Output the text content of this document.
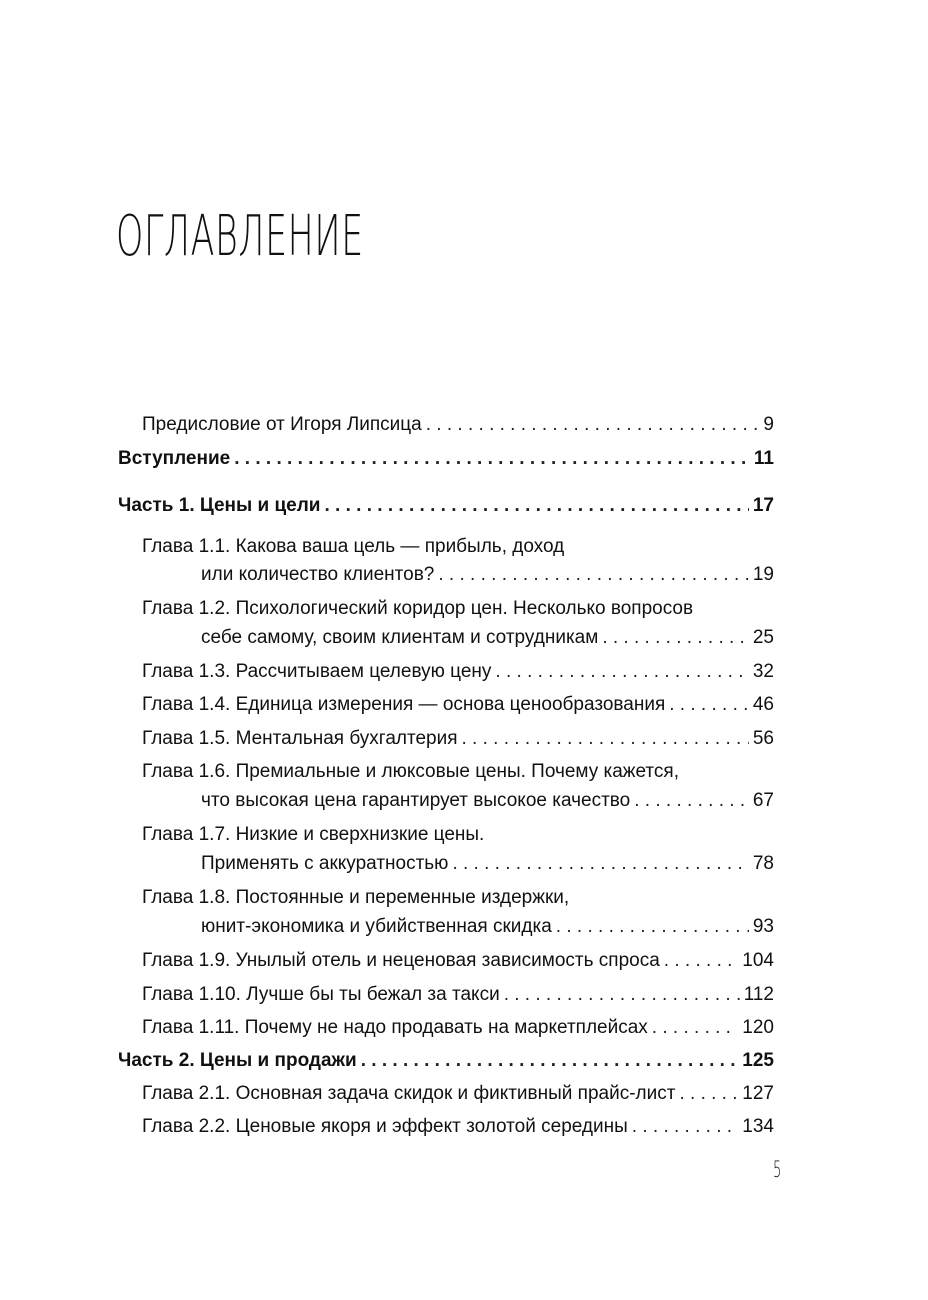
ОГЛАВЛЕНИЕ
Предисловие от Игоря Липсица . . .	9
Вступление . . .	11
Часть 1. Цены и цели . . .	17
Глава 1.1. Какова ваша цель — прибыль, доход
или количество клиентов? . . .	19
Глава 1.2. Психологический коридор цен. Несколько вопросов
себе самому, своим клиентам и сотрудникам . . .	25
Глава 1.3. Рассчитываем целевую цену . . .	32
Глава 1.4. Единица измерения — основа ценообразования . . .	46
Глава 1.5. Ментальная бухгалтерия . . .	56
Глава 1.6. Премиальные и люксовые цены. Почему кажется,
что высокая цена гарантирует высокое качество . . .	67
Глава 1.7. Низкие и сверхнизкие цены.
Применять с аккуратностью . . .	78
Глава 1.8. Постоянные и переменные издержки,
юнит-экономика и убийственная скидка . . .	93
Глава 1.9. Унылый отель и неценовая зависимость спроса . . .	104
Глава 1.10. Лучше бы ты бежал за такси . . .	112
Глава 1.11. Почему не надо продавать на маркетплейсах . . .	120
Часть 2. Цены и продажи . . .	125
Глава 2.1. Основная задача скидок и фиктивный прайс-лист . . .	127
Глава 2.2. Ценовые якоря и эффект золотой середины . . .	134
5
